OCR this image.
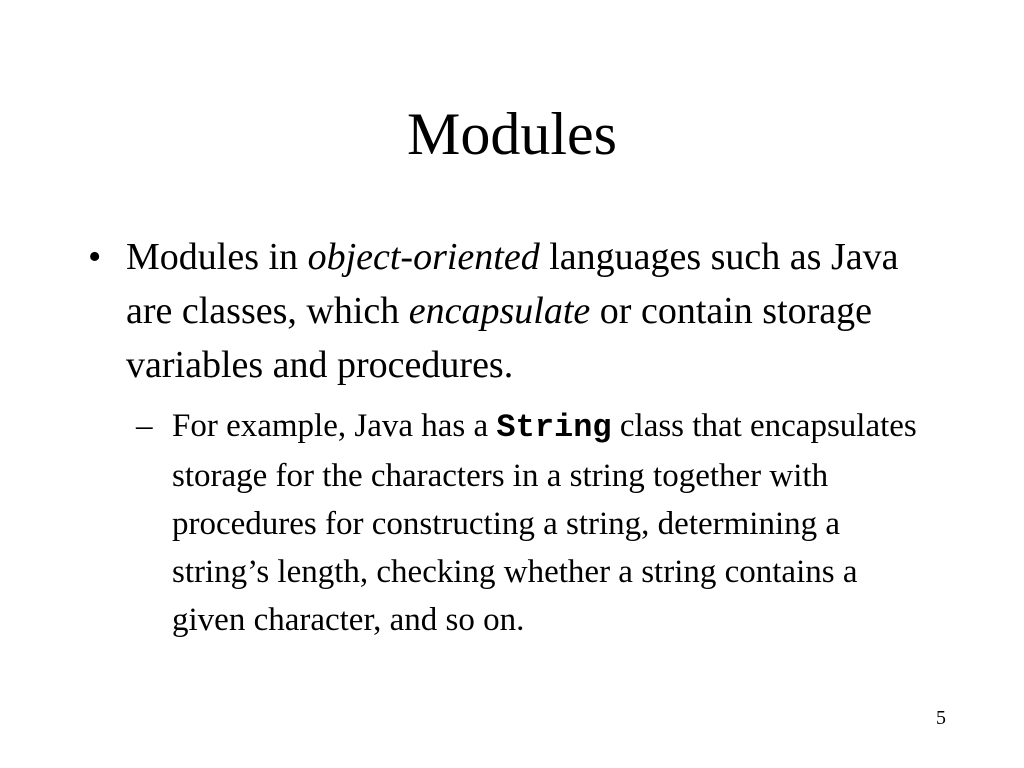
Modules
• Modules in object-oriented languages such as Java are classes, which encapsulate or contain storage variables and procedures.
– For example, Java has a String class that encapsulates storage for the characters in a string together with procedures for constructing a string, determining a string’s length, checking whether a string contains a given character, and so on.
5
